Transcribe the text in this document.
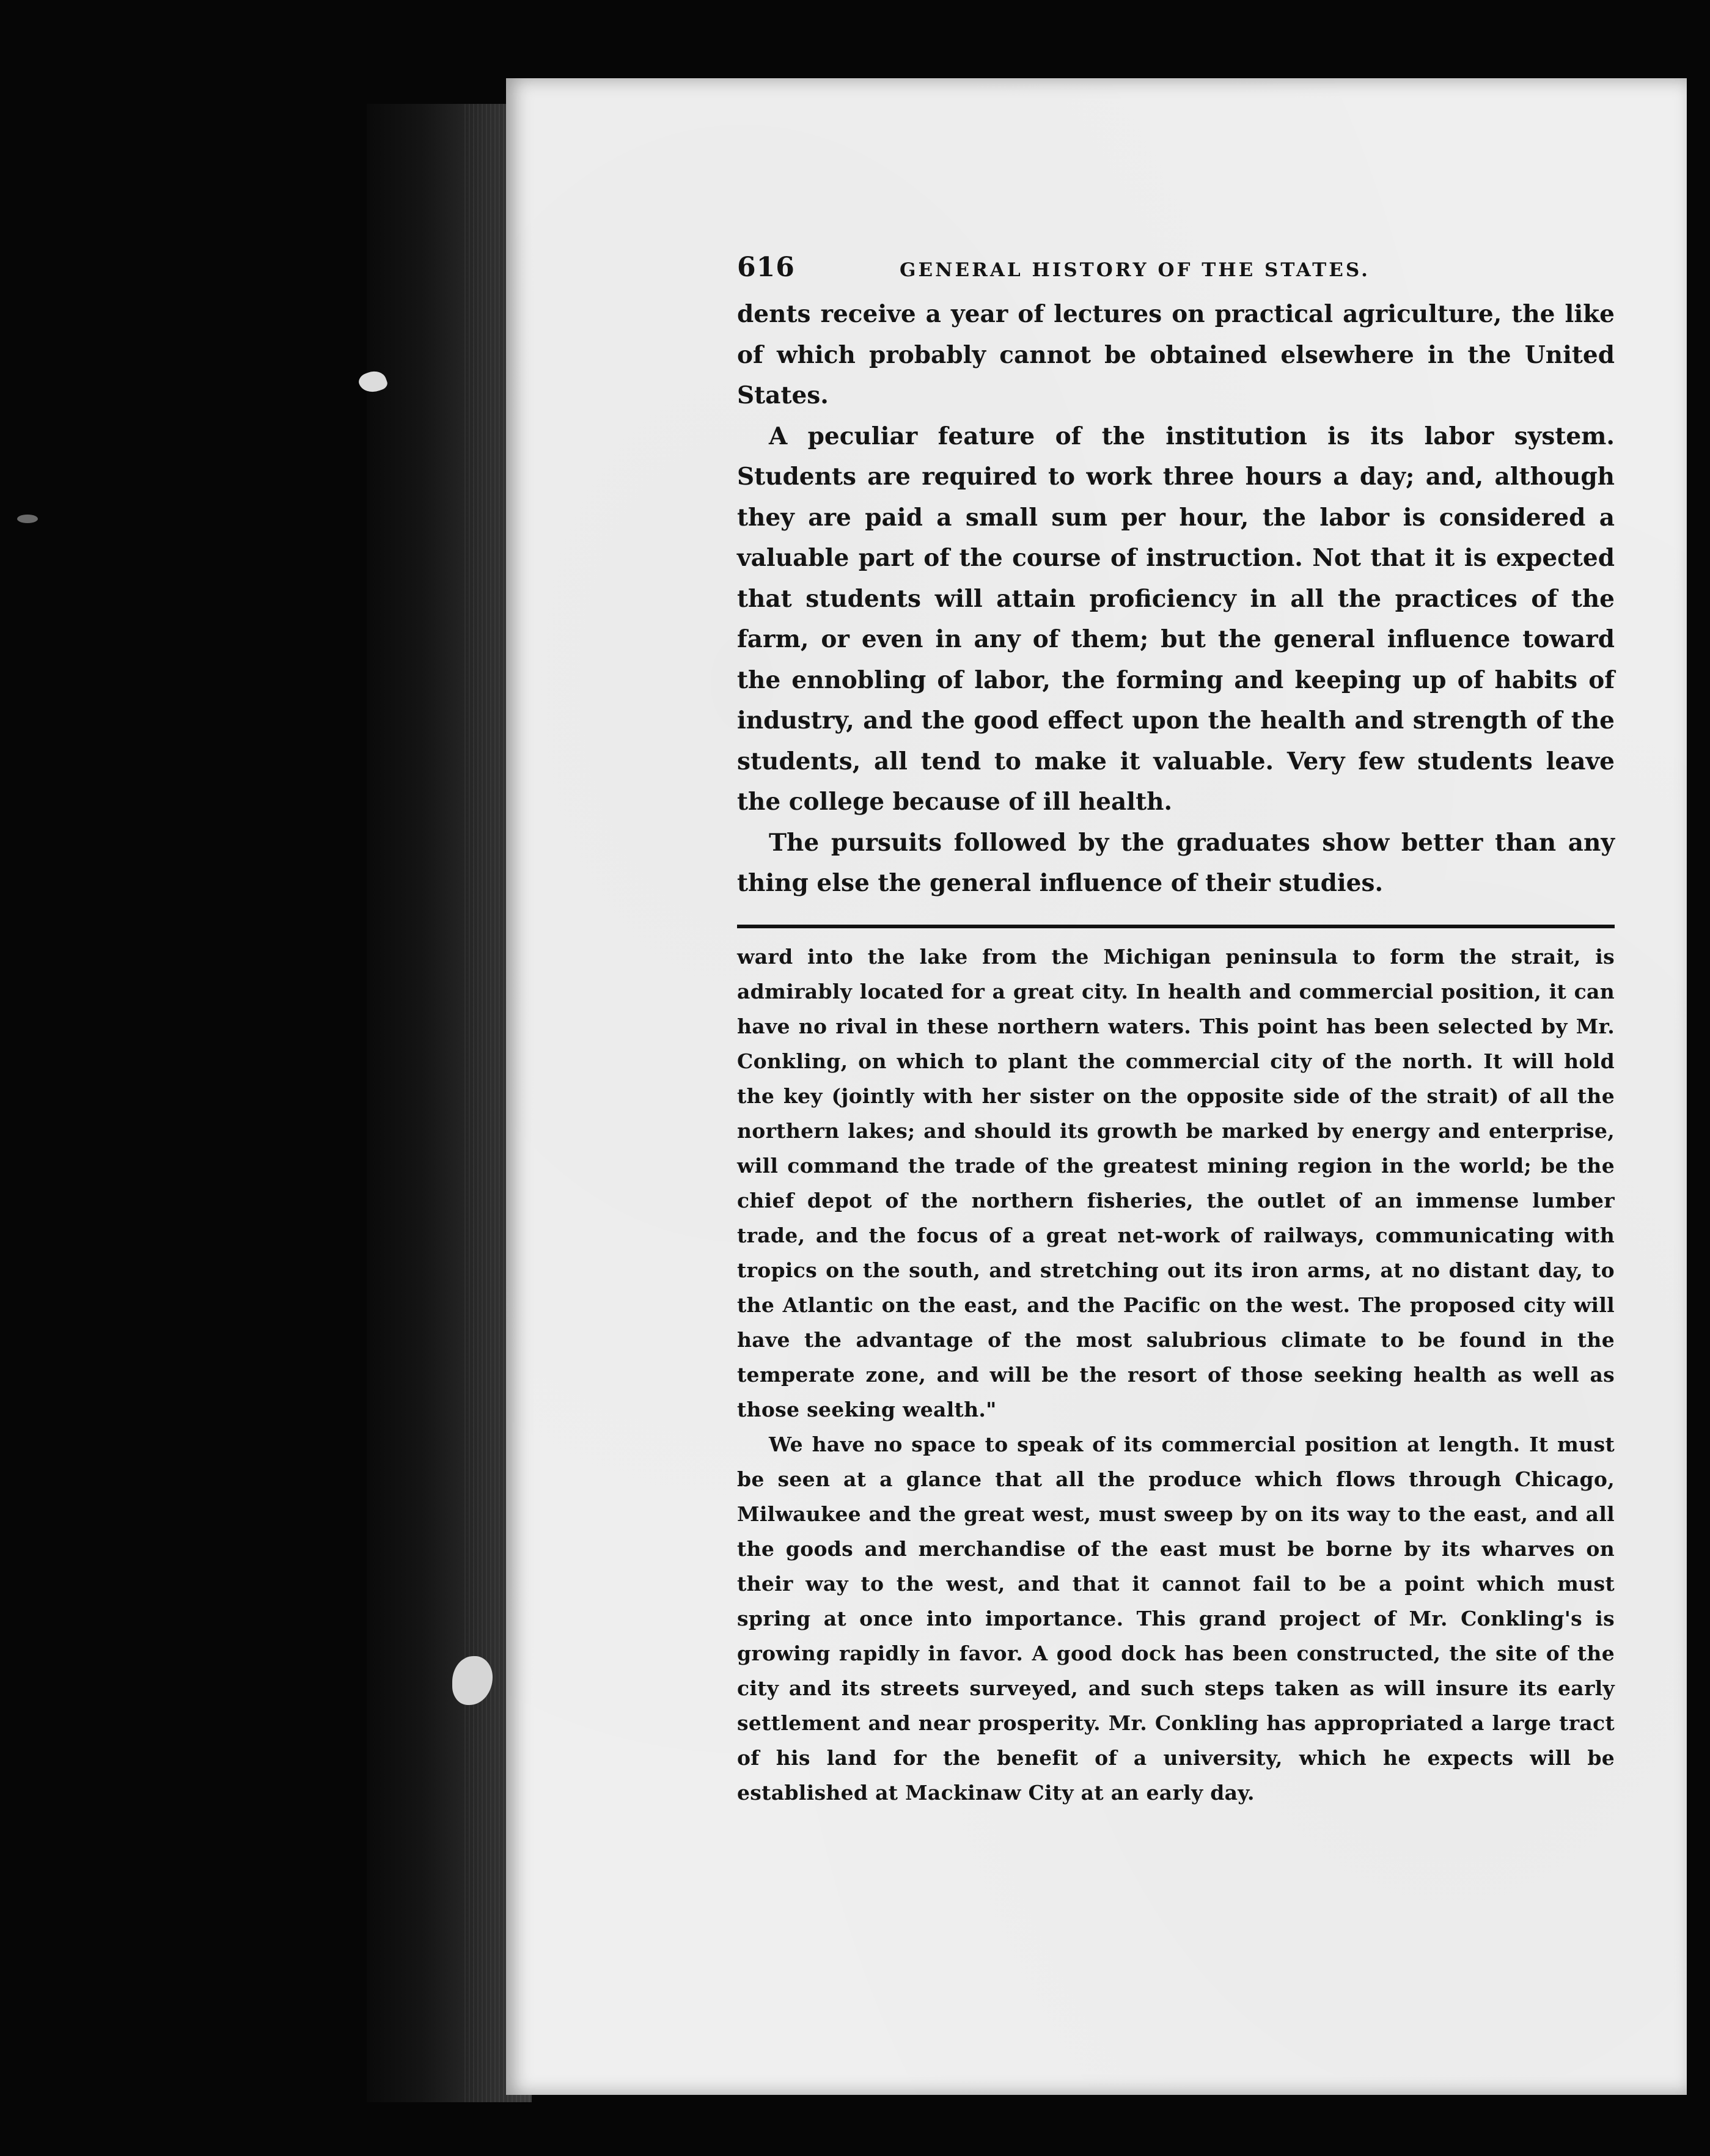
616	GENERAL HISTORY OF THE STATES.

dents receive a year of lectures on practical agriculture, the like of which probably cannot be obtained elsewhere in the United States.

A peculiar feature of the institution is its labor system. Students are required to work three hours a day; and, although they are paid a small sum per hour, the labor is considered a valuable part of the course of instruction. Not that it is expected that students will attain proficiency in all the practices of the farm, or even in any of them; but the general influence toward the ennobling of labor, the forming and keeping up of habits of industry, and the good effect upon the health and strength of the students, all tend to make it valuable. Very few students leave the college because of ill health.

The pursuits followed by the graduates show better than any thing else the general influence of their studies.

ward into the lake from the Michigan peninsula to form the strait, is admirably located for a great city. In health and commercial position, it can have no rival in these northern waters. This point has been selected by Mr. Conkling, on which to plant the commercial city of the north. It will hold the key (jointly with her sister on the opposite side of the strait) of all the northern lakes; and should its growth be marked by energy and enterprise, will command the trade of the greatest mining region in the world; be the chief depot of the northern fisheries, the outlet of an immense lumber trade, and the focus of a great net-work of railways, communicating with tropics on the south, and stretching out its iron arms, at no distant day, to the Atlantic on the east, and the Pacific on the west. The proposed city will have the advantage of the most salubrious climate to be found in the temperate zone, and will be the resort of those seeking health as well as those seeking wealth."

We have no space to speak of its commercial position at length. It must be seen at a glance that all the produce which flows through Chicago, Milwaukee and the great west, must sweep by on its way to the east, and all the goods and merchandise of the east must be borne by its wharves on their way to the west, and that it cannot fail to be a point which must spring at once into importance. This grand project of Mr. Conkling's is growing rapidly in favor. A good dock has been constructed, the site of the city and its streets surveyed, and such steps taken as will insure its early settlement and near prosperity. Mr. Conkling has appropriated a large tract of his land for the benefit of a university, which he expects will be established at Mackinaw City at an early day.
